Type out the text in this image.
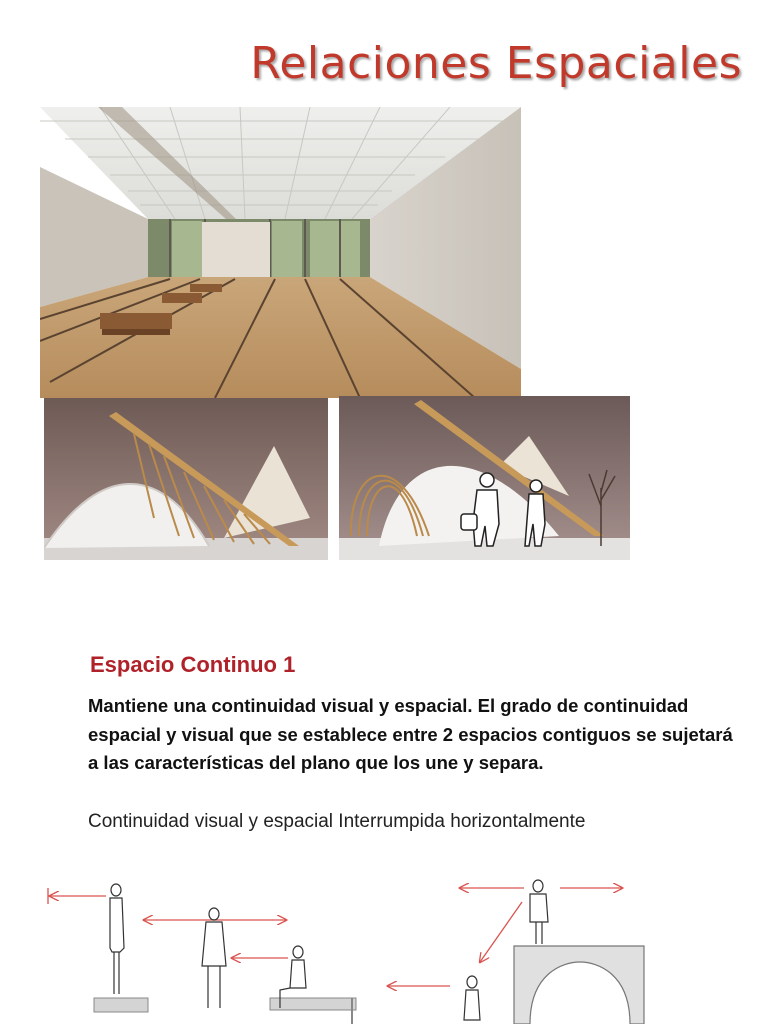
Relaciones Espaciales
Espacio Continuo 1
Mantiene una continuidad visual y espacial. El grado de continuidad espacial y visual que se establece entre 2 espacios contiguos se sujetará a las características del plano que los une y separa.
Continuidad visual y espacial Interrumpida horizontalmente
